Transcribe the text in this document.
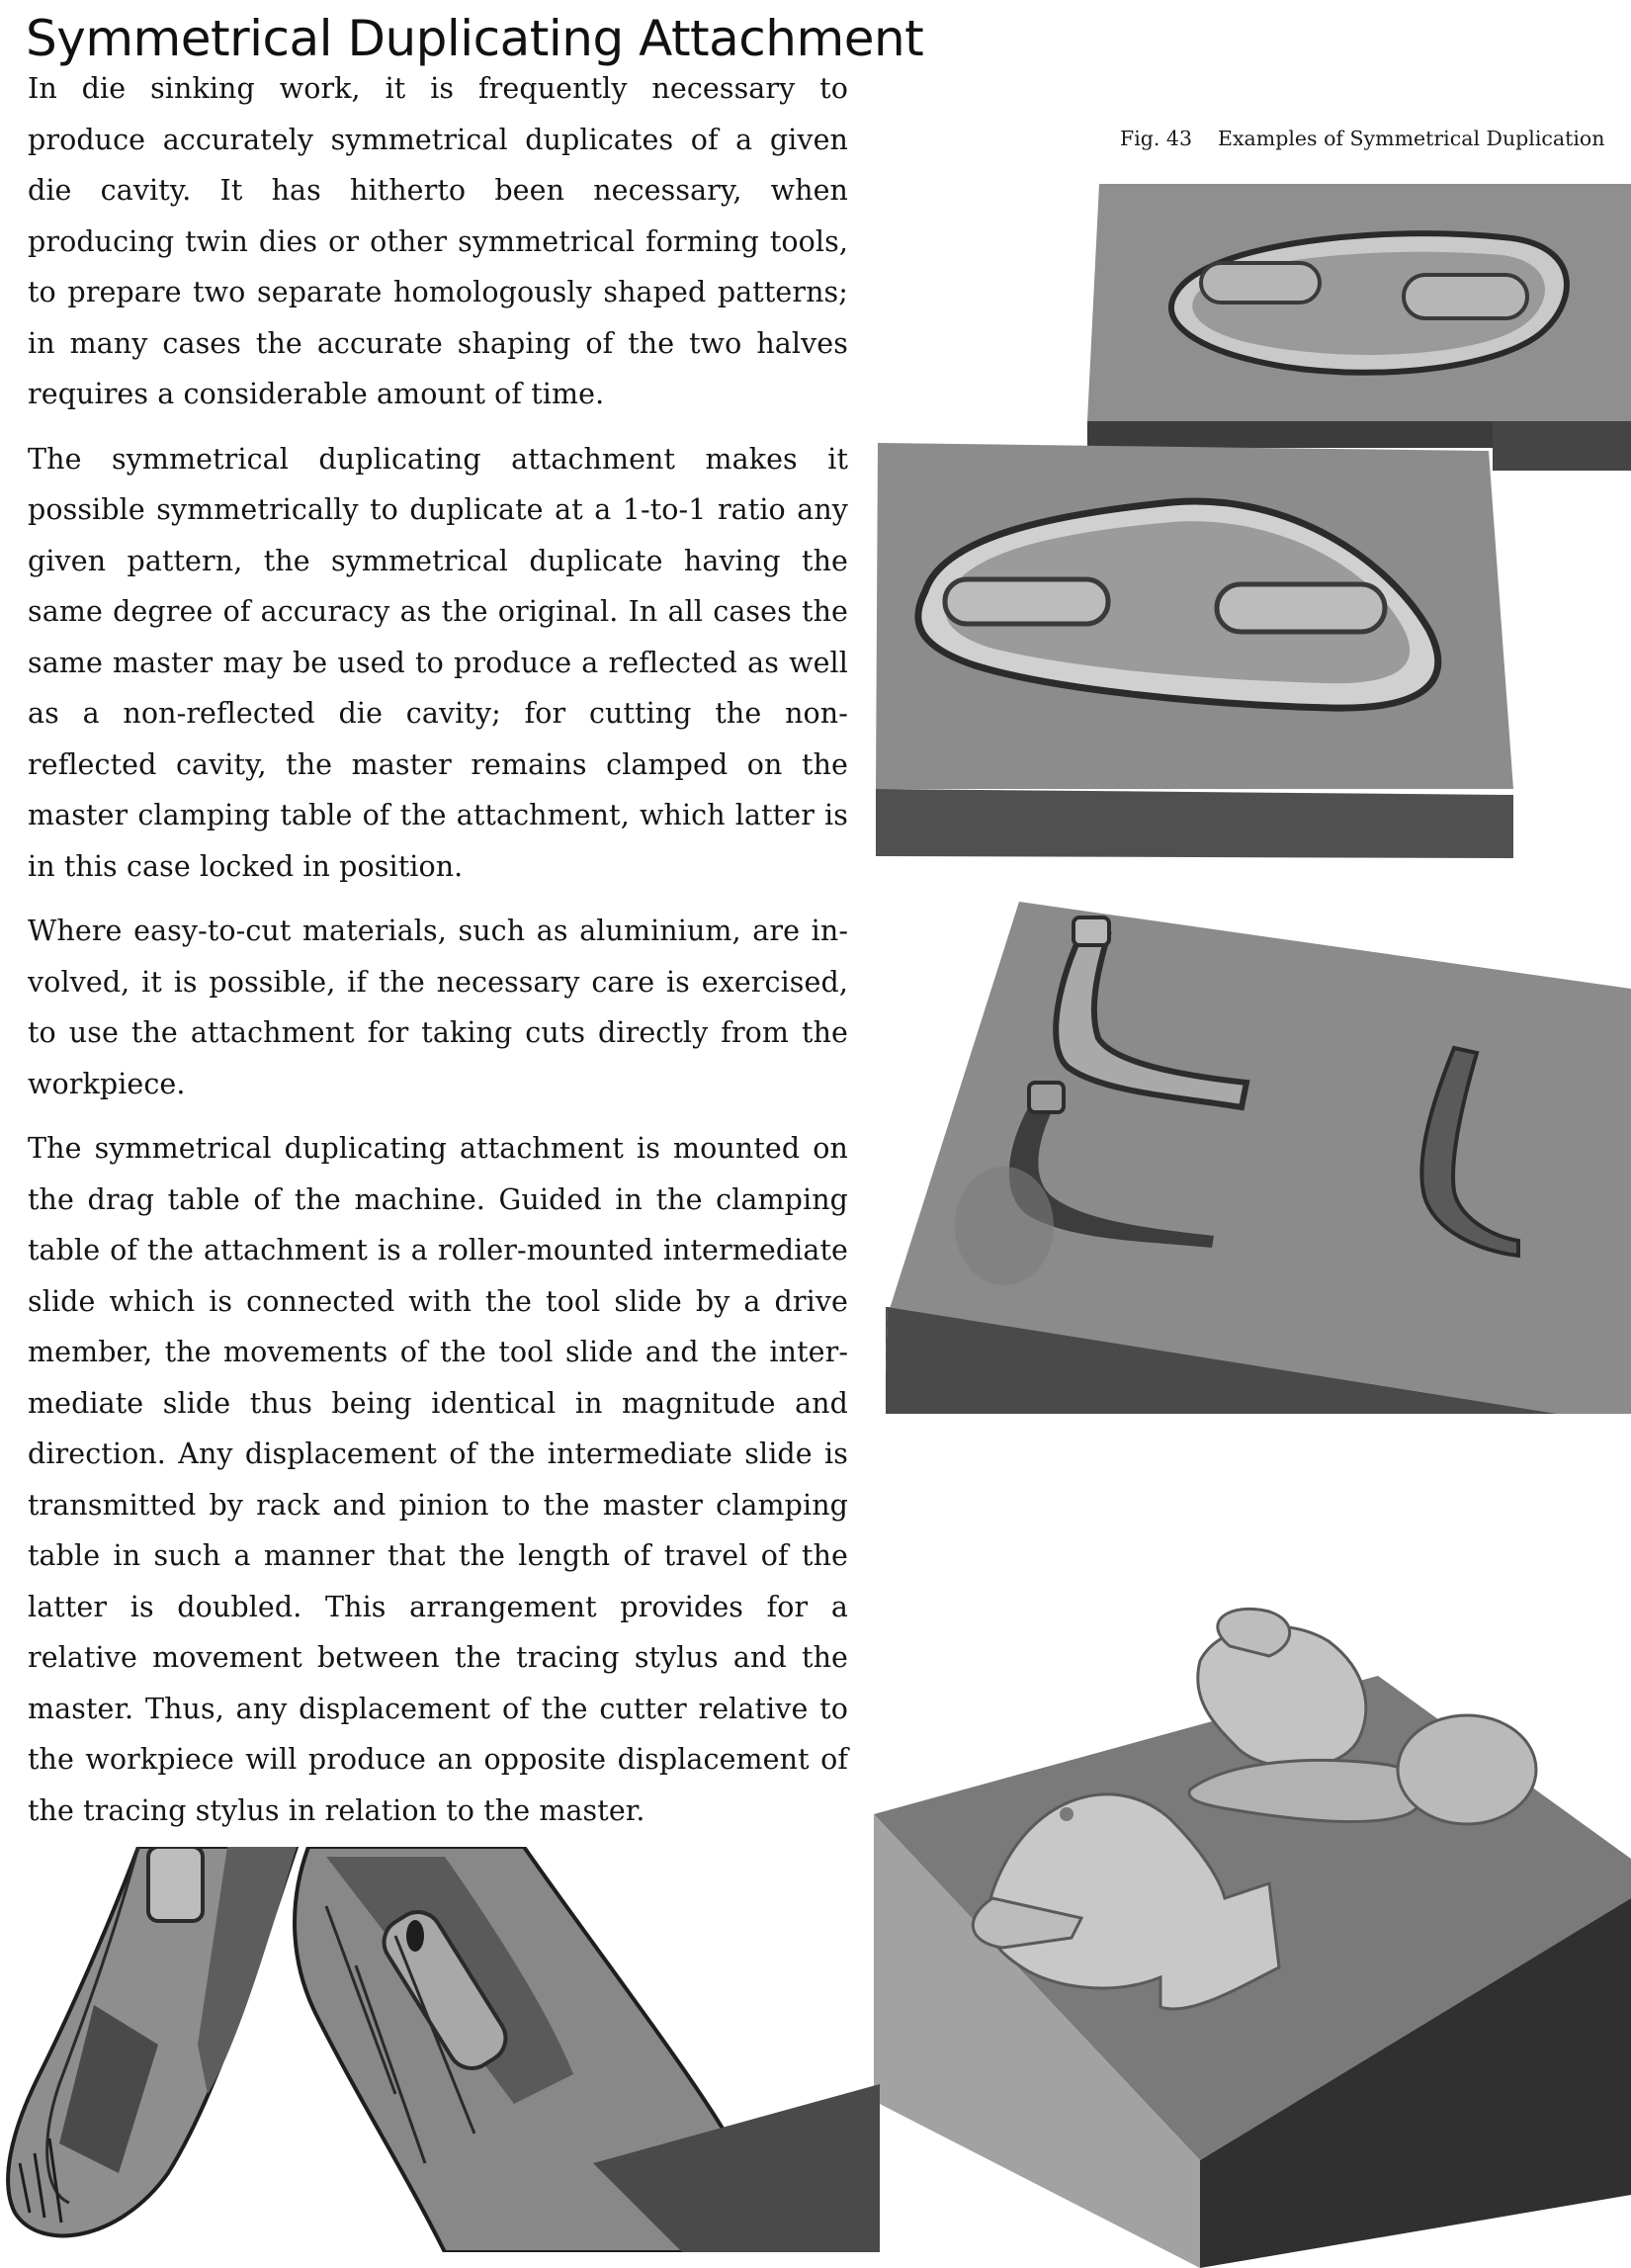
Symmetrical Duplicating Attachment

In die sinking work, it is frequently necessary to produce accurately symmetrical duplicates of a given die cavity. It has hitherto been necessary, when producing twin dies or other symmetrical forming tools, to prepare two separate homologously shaped patterns; in many cases the accurate shaping of the two halves requires a considerable amount of time.

The symmetrical duplicating attachment makes it possible symmetrically to duplicate at a 1-to-1 ratio any given pattern, the symmetrical duplicate having the same degree of accuracy as the original. In all cases the same master may be used to produce a reflected as well as a non-reflected die cavity; for cutting the non-reflected cavity, the master remains clamped on the master clamping table of the attachment, which latter is in this case locked in position.

Where easy-to-cut materials, such as aluminium, are involved, it is possible, if the necessary care is exercised, to use the attachment for taking cuts directly from the workpiece.

The symmetrical duplicating attachment is mounted on the drag table of the machine. Guided in the clamping table of the attachment is a roller-mounted intermediate slide which is connected with the tool slide by a drive member, the movements of the tool slide and the intermediate slide thus being identical in magnitude and direction. Any displacement of the intermediate slide is transmitted by rack and pinion to the master clamping table in such a manner that the length of travel of the latter is doubled. This arrangement provides for a relative movement between the tracing stylus and the master. Thus, any displacement of the cutter relative to the workpiece will produce an opposite displacement of the tracing stylus in relation to the master.

Fig. 43 Examples of Symmetrical Duplication
